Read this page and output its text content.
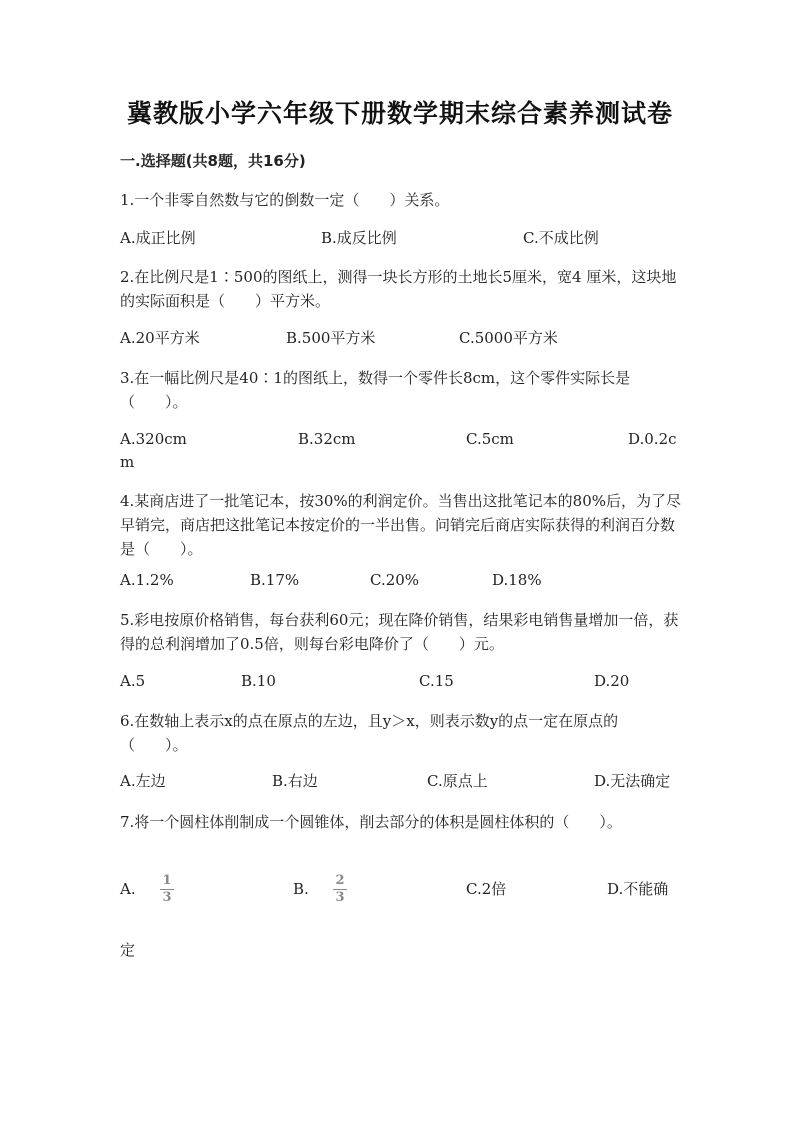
冀教版小学六年级下册数学期末综合素养测试卷
一.选择题(共8题，共16分)
1.一个非零自然数与它的倒数一定（　　）关系。
A.成正比例	B.成反比例	C.不成比例
2.在比例尺是1∶500的图纸上，测得一块长方形的土地长5厘米，宽4 厘米，这块地的实际面积是（　　）平方米。
A.20平方米	B.500平方米	C.5000平方米
3.在一幅比例尺是40∶1的图纸上，数得一个零件长8cm，这个零件实际长是（　　）。
A.320cm	B.32cm	C.5cm	D.0.2c
m
4.某商店进了一批笔记本，按30%的利润定价。当售出这批笔记本的80%后，为了尽早销完，商店把这批笔记本按定价的一半出售。问销完后商店实际获得的利润百分数是（　　）。
A.1.2%	B.17%	C.20%	D.18%
5.彩电按原价格销售，每台获利60元；现在降价销售，结果彩电销售量增加一倍，获得的总利润增加了0.5倍，则每台彩电降价了（　　）元。
A.5	B.10	C.15	D.20
6.在数轴上表示x的点在原点的左边，且y＞x，则表示数y的点一定在原点的（　　）。
A.左边	B.右边	C.原点上	D.无法确定
7.将一个圆柱体削制成一个圆锥体，削去部分的体积是圆柱体积的（　　）。
A.	1
3	B.	2
3	C.2倍	D.不能确
定
